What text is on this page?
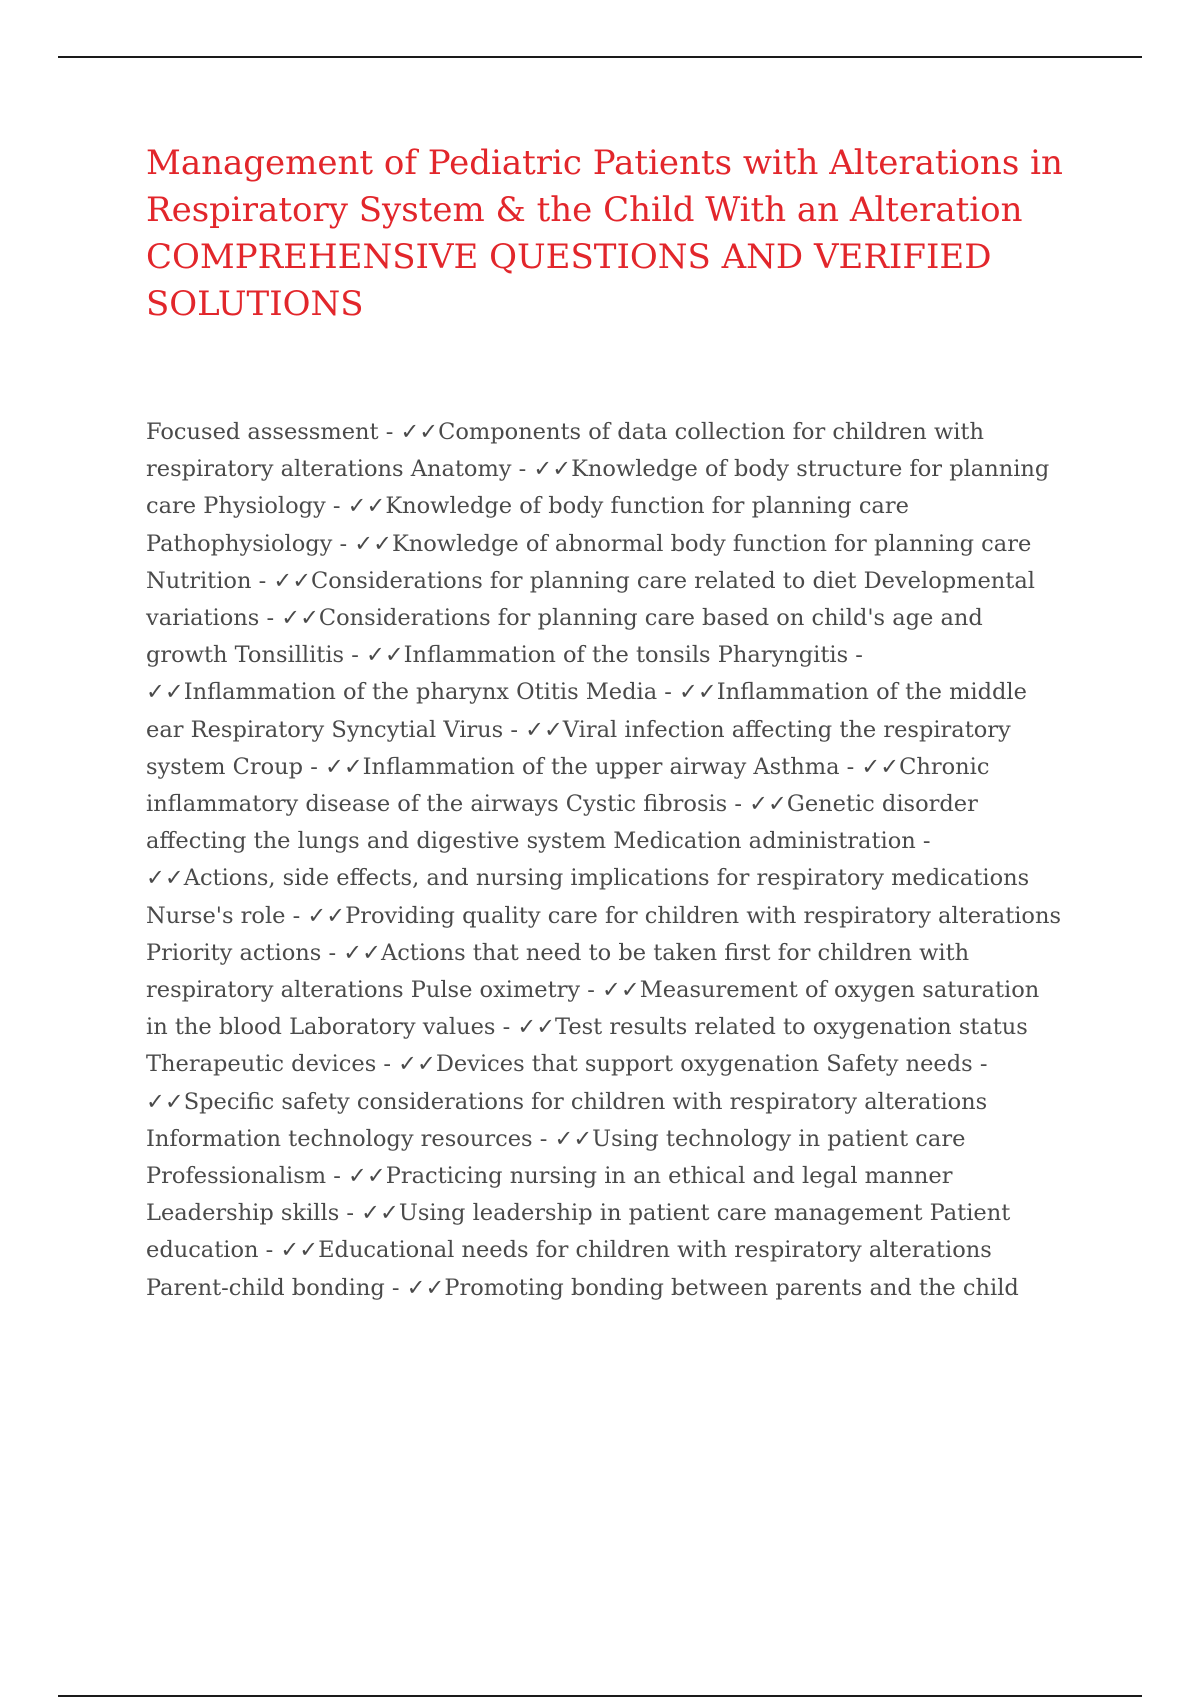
Management of Pediatric Patients with Alterations in
Respiratory System & the Child With an Alteration
COMPREHENSIVE QUESTIONS AND VERIFIED
SOLUTIONS
Focused assessment - ✓✓Components of data collection for children with
respiratory alterations Anatomy - ✓✓Knowledge of body structure for planning
care Physiology - ✓✓Knowledge of body function for planning care
Pathophysiology - ✓✓Knowledge of abnormal body function for planning care
Nutrition - ✓✓Considerations for planning care related to diet Developmental
variations - ✓✓Considerations for planning care based on child's age and
growth Tonsillitis - ✓✓Inflammation of the tonsils Pharyngitis -
✓✓Inflammation of the pharynx Otitis Media - ✓✓Inflammation of the middle
ear Respiratory Syncytial Virus - ✓✓Viral infection affecting the respiratory
system Croup - ✓✓Inflammation of the upper airway Asthma - ✓✓Chronic
inflammatory disease of the airways Cystic fibrosis - ✓✓Genetic disorder
affecting the lungs and digestive system Medication administration -
✓✓Actions, side effects, and nursing implications for respiratory medications
Nurse's role - ✓✓Providing quality care for children with respiratory alterations
Priority actions - ✓✓Actions that need to be taken first for children with
respiratory alterations Pulse oximetry - ✓✓Measurement of oxygen saturation
in the blood Laboratory values - ✓✓Test results related to oxygenation status
Therapeutic devices - ✓✓Devices that support oxygenation Safety needs -
✓✓Specific safety considerations for children with respiratory alterations
Information technology resources - ✓✓Using technology in patient care
Professionalism - ✓✓Practicing nursing in an ethical and legal manner
Leadership skills - ✓✓Using leadership in patient care management Patient
education - ✓✓Educational needs for children with respiratory alterations
Parent-child bonding - ✓✓Promoting bonding between parents and the child
